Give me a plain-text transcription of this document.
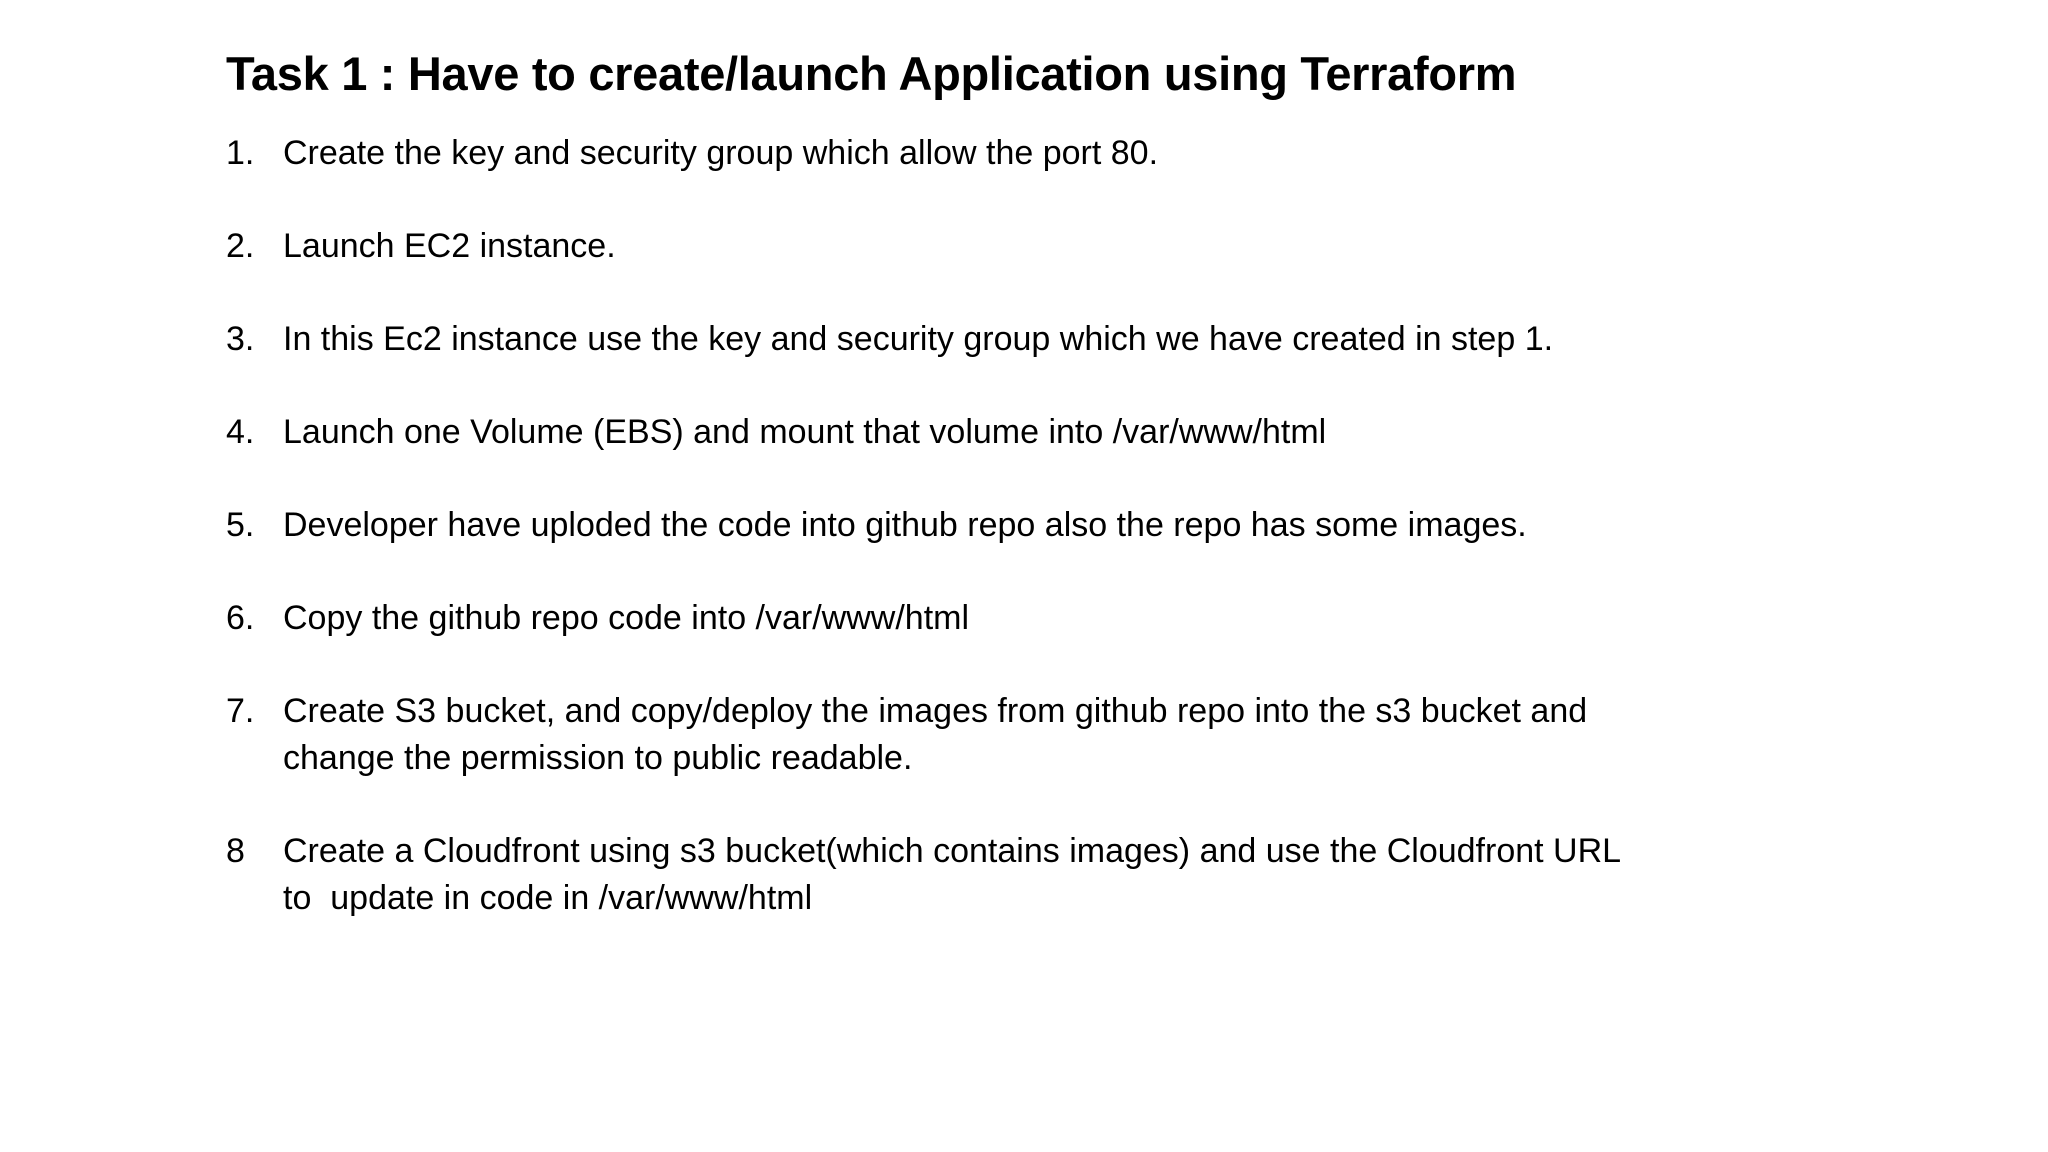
Task 1 : Have to create/launch Application using Terraform
1. Create the key and security group which allow the port 80.
2. Launch EC2 instance.
3. In this Ec2 instance use the key and security group which we have created in step 1.
4. Launch one Volume (EBS) and mount that volume into /var/www/html
5. Developer have uploded the code into github repo also the repo has some images.
6. Copy the github repo code into /var/www/html
7. Create S3 bucket, and copy/deploy the images from github repo into the s3 bucket and
change the permission to public readable.
8	Create a Cloudfront using s3 bucket(which contains images) and use the Cloudfront URL
to  update in code in /var/www/html
